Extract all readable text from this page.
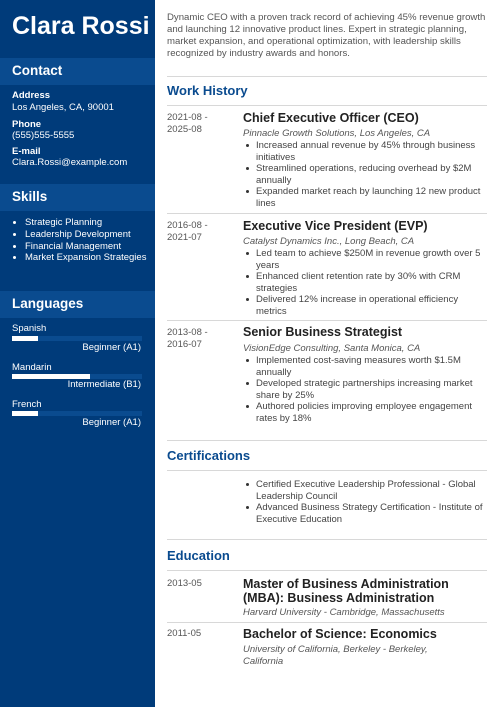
Clara Rossi
Contact
Address
Los Angeles, CA, 90001
Phone
(555)555-5555
E-mail
Clara.Rossi@example.com
Skills
Strategic Planning
Leadership Development
Financial Management
Market Expansion Strategies
Languages
Spanish
Beginner (A1)
Mandarin
Intermediate (B1)
French
Beginner (A1)
Dynamic CEO with a proven track record of achieving 45% revenue growth and launching 12 innovative product lines. Expert in strategic planning, market expansion, and operational optimization, with leadership skills recognized by industry awards and honors.
Work History
2021-08 -
2025-08
Chief Executive Officer (CEO)
Pinnacle Growth Solutions, Los Angeles, CA
Increased annual revenue by 45% through business initiatives
Streamlined operations, reducing overhead by $2M annually
Expanded market reach by launching 12 new product lines
2016-08 -
2021-07
Executive Vice President (EVP)
Catalyst Dynamics Inc., Long Beach, CA
Led team to achieve $250M in revenue growth over 5 years
Enhanced client retention rate by 30% with CRM strategies
Delivered 12% increase in operational efficiency metrics
2013-08 -
2016-07
Senior Business Strategist
VisionEdge Consulting, Santa Monica, CA
Implemented cost-saving measures worth $1.5M annually
Developed strategic partnerships increasing market share by 25%
Authored policies improving employee engagement rates by 18%
Certifications
Certified Executive Leadership Professional - Global Leadership Council
Advanced Business Strategy Certification - Institute of Executive Education
Education
2013-05	Master of Business Administration (MBA): Business Administration
Harvard University - Cambridge, Massachusetts
2011-05	Bachelor of Science: Economics
University of California, Berkeley - Berkeley, California
